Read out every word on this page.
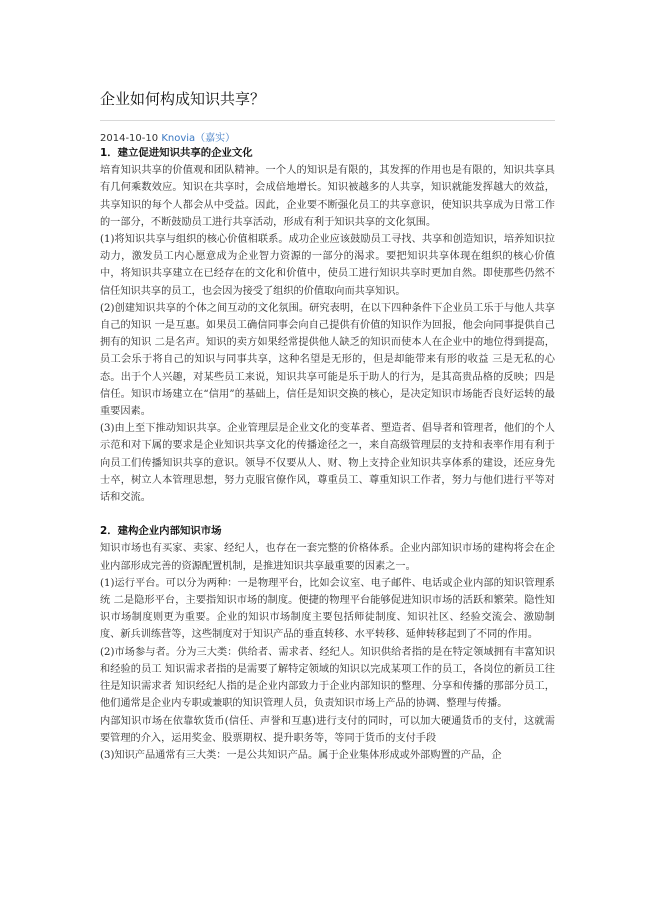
企业如何构成知识共享？
2014-10-10 Knovia（嘉实）
1．建立促进知识共享的企业文化

培育知识共享的价值观和团队精神。一个人的知识是有限的，其发挥的作用也是有限的，知识共享具有几何乘数效应。知识在共享时，会成倍地增长。知识被越多的人共享，知识就能发挥越大的效益，共享知识的每个人都会从中受益。因此，企业要不断强化员工的共享意识，使知识共享成为日常工作的一部分，不断鼓励员工进行共享活动，形成有利于知识共享的文化氛围。

(1)将知识共享与组织的核心价值相联系。成功企业应该鼓励员工寻找、共享和创造知识，培养知识拉动力，激发员工内心愿意成为企业智力资源的一部分的渴求。要把知识共享体现在组织的核心价值中，将知识共享建立在已经存在的文化和价值中，使员工进行知识共享时更加自然。即使那些仍然不信任知识共享的员工，也会因为接受了组织的价值取向而共享知识。

(2)创建知识共享的个体之间互动的文化氛围。研究表明，在以下四种条件下企业员工乐于与他人共享自己的知识 一是互惠。如果员工确信同事会向自己提供有价值的知识作为回报，他会向同事提供自己拥有的知识 二是名声。知识的卖方如果经常提供他人缺乏的知识而使本人在企业中的地位得到提高，员工会乐于将自己的知识与同事共享，这种名望是无形的，但是却能带来有形的收益 三是无私的心态。出于个人兴趣，对某些员工来说，知识共享可能是乐于助人的行为，是其高贵品格的反映；四是信任。知识市场建立在“信用”的基础上，信任是知识交换的核心，是决定知识市场能否良好运转的最重要因素。

(3)由上至下推动知识共享。企业管理层是企业文化的变革者、塑造者、倡导者和管理者，他们的个人示范和对下属的要求是企业知识共享文化的传播途径之一，来自高级管理层的支持和表率作用有利于向员工们传播知识共享的意识。领导不仅要从人、财、物上支持企业知识共享体系的建设，还应身先士卒，树立人本管理思想，努力克服官僚作风，尊重员工、尊重知识工作者，努力与他们进行平等对话和交流。

2．建构企业内部知识市场

知识市场也有买家、卖家、经纪人，也存在一套完整的价格体系。企业内部知识市场的建构将会在企业内部形成完善的资源配置机制，是推进知识共享最重要的因素之一。

(1)运行平台。可以分为两种：一是物理平台，比如会议室、电子邮件、电话或企业内部的知识管理系统 二是隐形平台，主要指知识市场的制度。便捷的物理平台能够促进知识市场的活跃和繁荣。隐性知识市场制度则更为重要。企业的知识市场制度主要包括师徒制度、知识社区、经验交流会、激励制度、新兵训练营等，这些制度对于知识产品的垂直转移、水平转移、延伸转移起到了不同的作用。

(2)市场参与者。分为三大类：供给者、需求者、经纪人。知识供给者指的是在特定领域拥有丰富知识和经验的员工 知识需求者指的是需要了解特定领域的知识以完成某项工作的员工，各岗位的新员工往往是知识需求者 知识经纪人指的是企业内部致力于企业内部知识的整理、分享和传播的那部分员工，他们通常是企业内专职或兼职的知识管理人员，负责知识市场上产品的协调、整理与传播。

内部知识市场在依靠软货币(信任、声誉和互惠)进行支付的同时，可以加大硬通货币的支付，这就需要管理的介入，运用奖金、股票期权、提升职务等，等同于货币的支付手段

(3)知识产品通常有三大类：一是公共知识产品。属于企业集体形成或外部购置的产品，企
